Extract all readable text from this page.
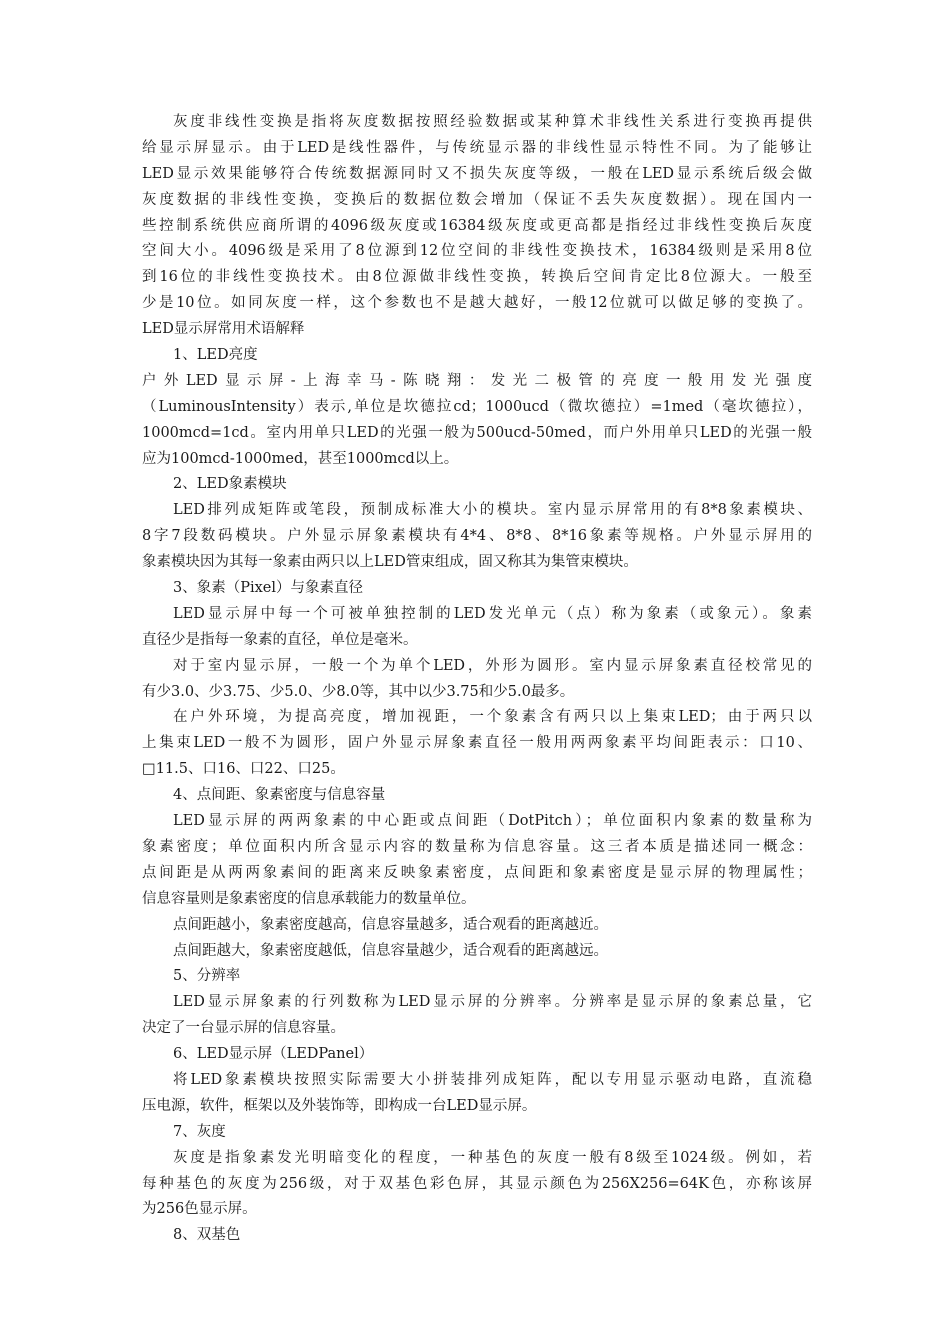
灰度非线性变换是指将灰度数据按照经验数据或某种算术非线性关系进行变换再提供
给显示屏显示。由于LED是线性器件，与传统显示器的非线性显示特性不同。为了能够让
LED显示效果能够符合传统数据源同时又不损失灰度等级，一般在LED显示系统后级会做
灰度数据的非线性变换，变换后的数据位数会增加（保证不丢失灰度数据）。现在国内一
些控制系统供应商所谓的4096级灰度或16384级灰度或更高都是指经过非线性变换后灰度
空间大小。4096级是采用了8位源到12位空间的非线性变换技术，16384级则是采用8位
到16位的非线性变换技术。由8位源做非线性变换，转换后空间肯定比8位源大。一般至
少是10位。如同灰度一样，这个参数也不是越大越好，一般12位就可以做足够的变换了。
LED显示屏常用术语解释
1、LED亮度
户外LED显示屏-上海幸马-陈晓翔：发光二极管的亮度一般用发光强度
（LuminousIntensity）表示,单位是坎德拉cd；1000ucd（微坎德拉）=1med（毫坎德拉），
1000mcd=1cd。室内用单只LED的光强一般为500ucd-50med，而户外用单只LED的光强一般
应为100mcd-1000med，甚至1000mcd以上。
2、LED象素模块
LED排列成矩阵或笔段，预制成标准大小的模块。室内显示屏常用的有8*8象素模块、
8字7段数码模块。户外显示屏象素模块有4*4、8*8、8*16象素等规格。户外显示屏用的
象素模块因为其每一象素由两只以上LED管束组成，固又称其为集管束模块。
3、象素（Pixel）与象素直径
LED显示屏中每一个可被单独控制的LED发光单元（点）称为象素（或象元）。象素
直径少是指每一象素的直径，单位是毫米。
对于室内显示屏，一般一个为单个LED，外形为圆形。室内显示屏象素直径校常见的
有少3.0、少3.75、少5.0、少8.0等，其中以少3.75和少5.0最多。
在户外环境，为提高亮度，增加视距，一个象素含有两只以上集束LED；由于两只以
上集束LED一般不为圆形，固户外显示屏象素直径一般用两两象素平均间距表示：口10、
□11.5、口16、口22、口25。
4、点间距、象素密度与信息容量
LED显示屏的两两象素的中心距或点间距（DotPitch）；单位面积内象素的数量称为
象素密度；单位面积内所含显示内容的数量称为信息容量。这三者本质是描述同一概念：
点间距是从两两象素间的距离来反映象素密度，点间距和象素密度是显示屏的物理属性；
信息容量则是象素密度的信息承载能力的数量单位。
点间距越小，象素密度越高，信息容量越多，适合观看的距离越近。
点间距越大，象素密度越低，信息容量越少，适合观看的距离越远。
5、分辨率
LED显示屏象素的行列数称为LED显示屏的分辨率。分辨率是显示屏的象素总量，它
决定了一台显示屏的信息容量。
6、LED显示屏（LEDPanel）
将LED象素模块按照实际需要大小拼装排列成矩阵，配以专用显示驱动电路，直流稳
压电源，软件，框架以及外装饰等，即构成一台LED显示屏。
7、灰度
灰度是指象素发光明暗变化的程度，一种基色的灰度一般有8级至1024级。例如，若
每种基色的灰度为256级，对于双基色彩色屏，其显示颜色为256X256=64K色，亦称该屏
为256色显示屏。
8、双基色
